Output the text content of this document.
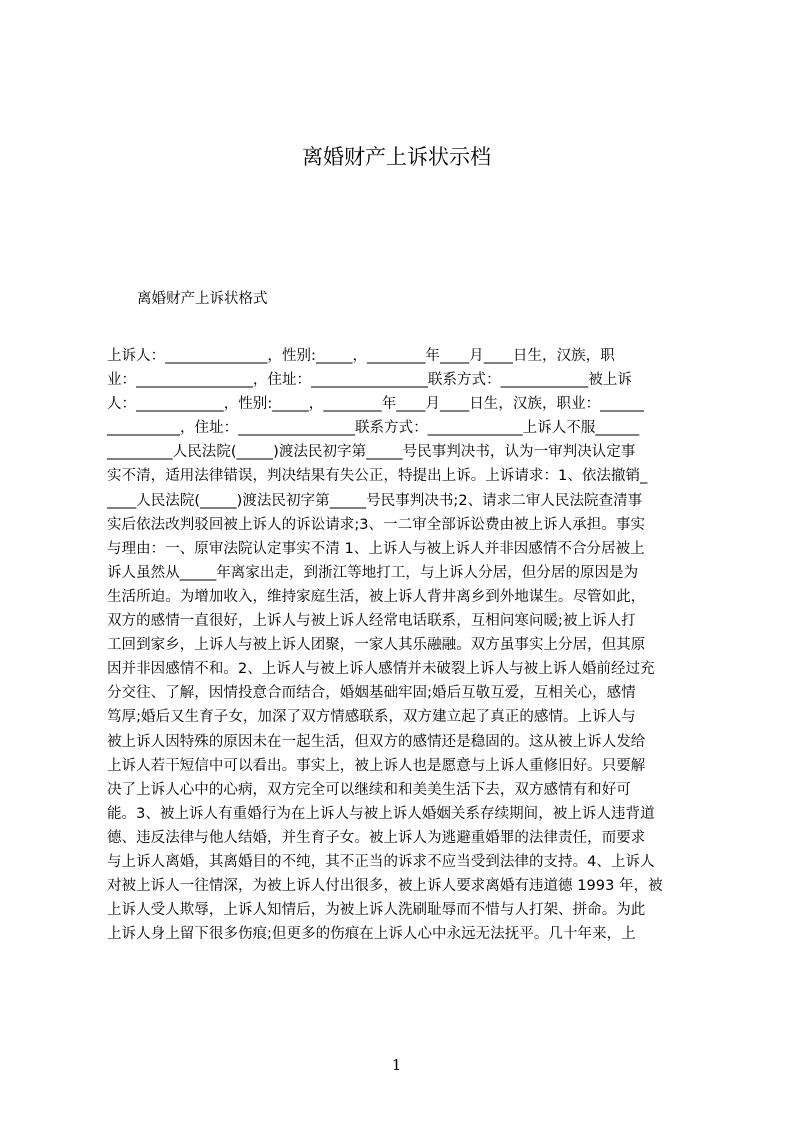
离婚财产上诉状示档
离婚财产上诉状格式
上诉人：______________，性别:_____，________年____月____日生，汉族，职
业：________________，住址：________________联系方式：____________被上诉
人：____________，性别:_____，________年____月____日生，汉族，职业：______
__________，住址：________________联系方式：_____________上诉人不服______
_________人民法院(_____)渡法民初字第_____号民事判决书，认为一审判决认定事
实不清，适用法律错误，判决结果有失公正，特提出上诉。上诉请求：1、依法撤销_
____人民法院(_____)渡法民初字第_____号民事判决书;2、请求二审人民法院查清事
实后依法改判驳回被上诉人的诉讼请求;3、一二审全部诉讼费由被上诉人承担。事实
与理由：一、原审法院认定事实不清 1、上诉人与被上诉人并非因感情不合分居被上
诉人虽然从_____年离家出走，到浙江等地打工，与上诉人分居，但分居的原因是为
生活所迫。为增加收入，维持家庭生活，被上诉人背井离乡到外地谋生。尽管如此，
双方的感情一直很好，上诉人与被上诉人经常电话联系，互相问寒问暖;被上诉人打
工回到家乡，上诉人与被上诉人团聚，一家人其乐融融。双方虽事实上分居，但其原
因并非因感情不和。2、上诉人与被上诉人感情并未破裂上诉人与被上诉人婚前经过充
分交往、了解，因情投意合而结合，婚姻基础牢固;婚后互敬互爱，互相关心，感情
笃厚;婚后又生育子女，加深了双方情感联系，双方建立起了真正的感情。上诉人与
被上诉人因特殊的原因未在一起生活，但双方的感情还是稳固的。这从被上诉人发给
上诉人若干短信中可以看出。事实上，被上诉人也是愿意与上诉人重修旧好。只要解
决了上诉人心中的心病，双方完全可以继续和和美美生活下去，双方感情有和好可
能。3、被上诉人有重婚行为在上诉人与被上诉人婚姻关系存续期间，被上诉人违背道
德、违反法律与他人结婚，并生育子女。被上诉人为逃避重婚罪的法律责任，而要求
与上诉人离婚，其离婚目的不纯，其不正当的诉求不应当受到法律的支持。4、上诉人
对被上诉人一往情深，为被上诉人付出很多，被上诉人要求离婚有违道德 1993 年，被
上诉人受人欺辱，上诉人知情后，为被上诉人洗刷耻辱而不惜与人打架、拼命。为此
上诉人身上留下很多伤痕;但更多的伤痕在上诉人心中永远无法抚平。几十年来，上
1
